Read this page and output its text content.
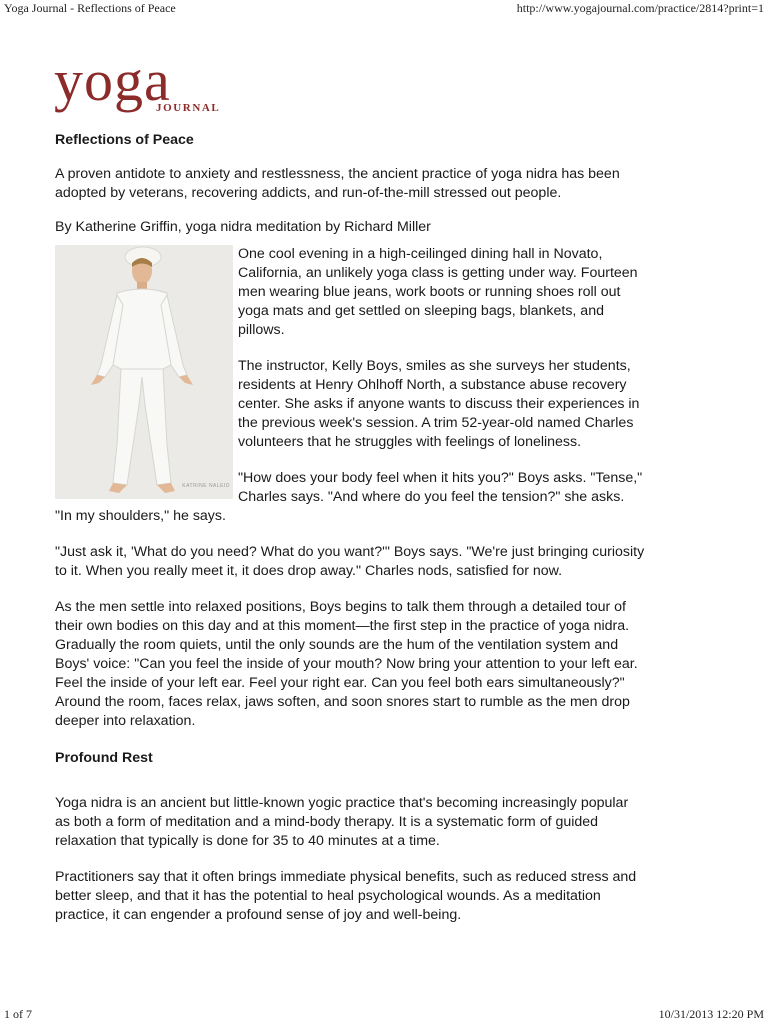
Yoga Journal - Reflections of Peace	http://www.yogajournal.com/practice/2814?print=1
yoga
JOURNAL
Reflections of Peace

A proven antidote to anxiety and restlessness, the ancient practice of yoga nidra has been adopted by veterans, recovering addicts, and run-of-the-mill stressed out people.

By Katherine Griffin, yoga nidra meditation by Richard Miller

KATRINE NALEID

One cool evening in a high-ceilinged dining hall in Novato, California, an unlikely yoga class is getting under way. Fourteen men wearing blue jeans, work boots or running shoes roll out yoga mats and get settled on sleeping bags, blankets, and pillows.

The instructor, Kelly Boys, smiles as she surveys her students, residents at Henry Ohlhoff North, a substance abuse recovery center. She asks if anyone wants to discuss their experiences in the previous week's session. A trim 52-year-old named Charles volunteers that he struggles with feelings of loneliness.

"How does your body feel when it hits you?" Boys asks. "Tense," Charles says. "And where do you feel the tension?" she asks. "In my shoulders," he says.

"Just ask it, 'What do you need? What do you want?'" Boys says. "We're just bringing curiosity to it. When you really meet it, it does drop away." Charles nods, satisfied for now.

As the men settle into relaxed positions, Boys begins to talk them through a detailed tour of their own bodies on this day and at this moment—the first step in the practice of yoga nidra. Gradually the room quiets, until the only sounds are the hum of the ventilation system and Boys' voice: "Can you feel the inside of your mouth? Now bring your attention to your left ear. Feel the inside of your left ear. Feel your right ear. Can you feel both ears simultaneously?" Around the room, faces relax, jaws soften, and soon snores start to rumble as the men drop deeper into relaxation.

Profound Rest

Yoga nidra is an ancient but little-known yogic practice that's becoming increasingly popular as both a form of meditation and a mind-body therapy. It is a systematic form of guided relaxation that typically is done for 35 to 40 minutes at a time.

Practitioners say that it often brings immediate physical benefits, such as reduced stress and better sleep, and that it has the potential to heal psychological wounds. As a meditation practice, it can engender a profound sense of joy and well-being.

1 of 7	10/31/2013 12:20 PM
